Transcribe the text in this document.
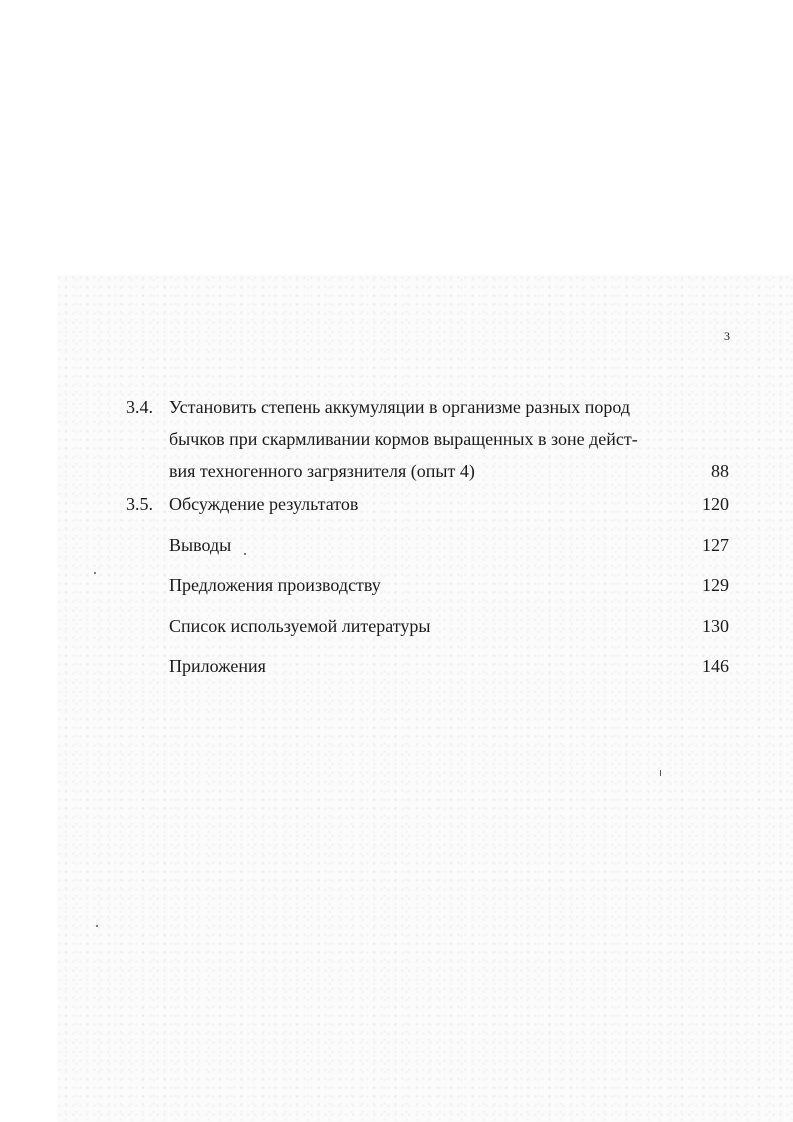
3
3.4. Установить степень аккумуляции в организме разных пород
бычков при скармливании кормов выращенных в зоне дейст-
вия техногенного загрязнителя (опыт 4)	88
3.5. Обсуждение результатов	120
Выводы	127
Предложения производству	129
Список используемой литературы	130
Приложения	146
